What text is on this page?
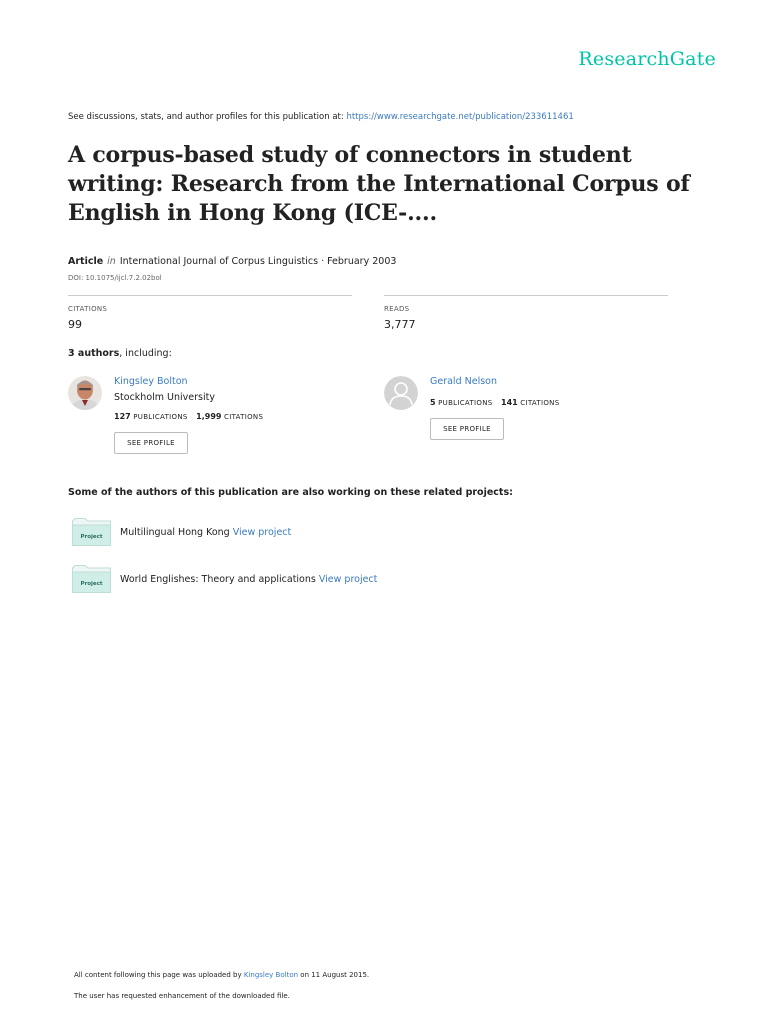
ResearchGate
See discussions, stats, and author profiles for this publication at: https://www.researchgate.net/publication/233611461
A corpus-based study of connectors in student writing: Research from the International Corpus of English in Hong Kong (ICE-....
Article in International Journal of Corpus Linguistics · February 2003
DOI: 10.1075/ijcl.7.2.02bol
CITATIONS
99
READS
3,777
3 authors, including:
Kingsley Bolton
Stockholm University
127 PUBLICATIONS 1,999 CITATIONS
SEE PROFILE
Gerald Nelson
5 PUBLICATIONS 141 CITATIONS
SEE PROFILE
Some of the authors of this publication are also working on these related projects:
Project Multilingual Hong Kong View project
Project World Englishes: Theory and applications View project
All content following this page was uploaded by Kingsley Bolton on 11 August 2015.
The user has requested enhancement of the downloaded file.
